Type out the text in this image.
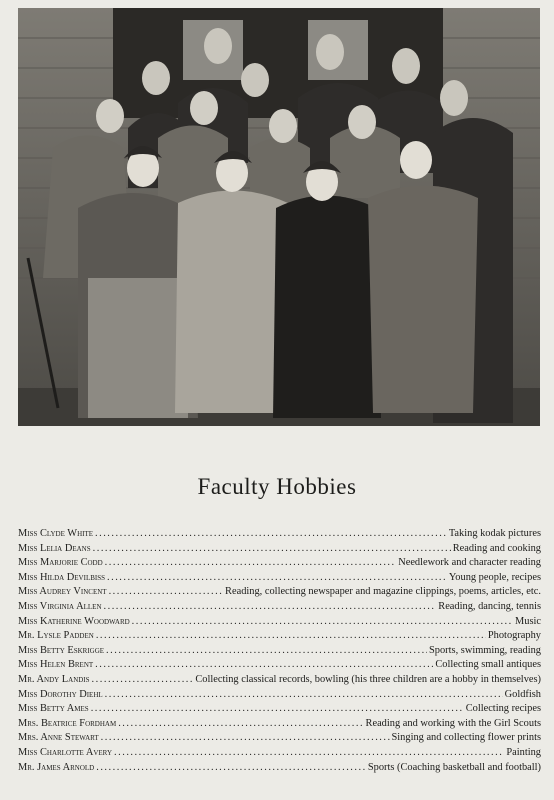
Faculty Hobbies
Miss Clyde White .....	Taking kodak pictures
Miss Lelia Deans .....	Reading and cooking
Miss Marjorie Codd .....	Needlework and character reading
Miss Hilda Devilbiss .....	Young people, recipes
Miss Audrey Vincent .....	Reading, collecting newspaper and magazine clippings, poems, articles, etc.
Miss Virginia Allen .....	Reading, dancing, tennis
Miss Katherine Woodward .....	Music
Mr. Lysle Padden .....	Photography
Miss Betty Eskrigge .....	Sports, swimming, reading
Miss Helen Brent .....	Collecting small antiques
Mr. Andy Landis .....	Collecting classical records, bowling (his three children are a hobby in themselves)
Miss Dorothy Diehl .....	Goldfish
Miss Betty Ames .....	Collecting recipes
Mrs. Beatrice Fordham .....	Reading and working with the Girl Scouts
Mrs. Anne Stewart .....	Singing and collecting flower prints
Miss Charlotte Avery .....	Painting
Mr. James Arnold .....	Sports (Coaching basketball and football)
